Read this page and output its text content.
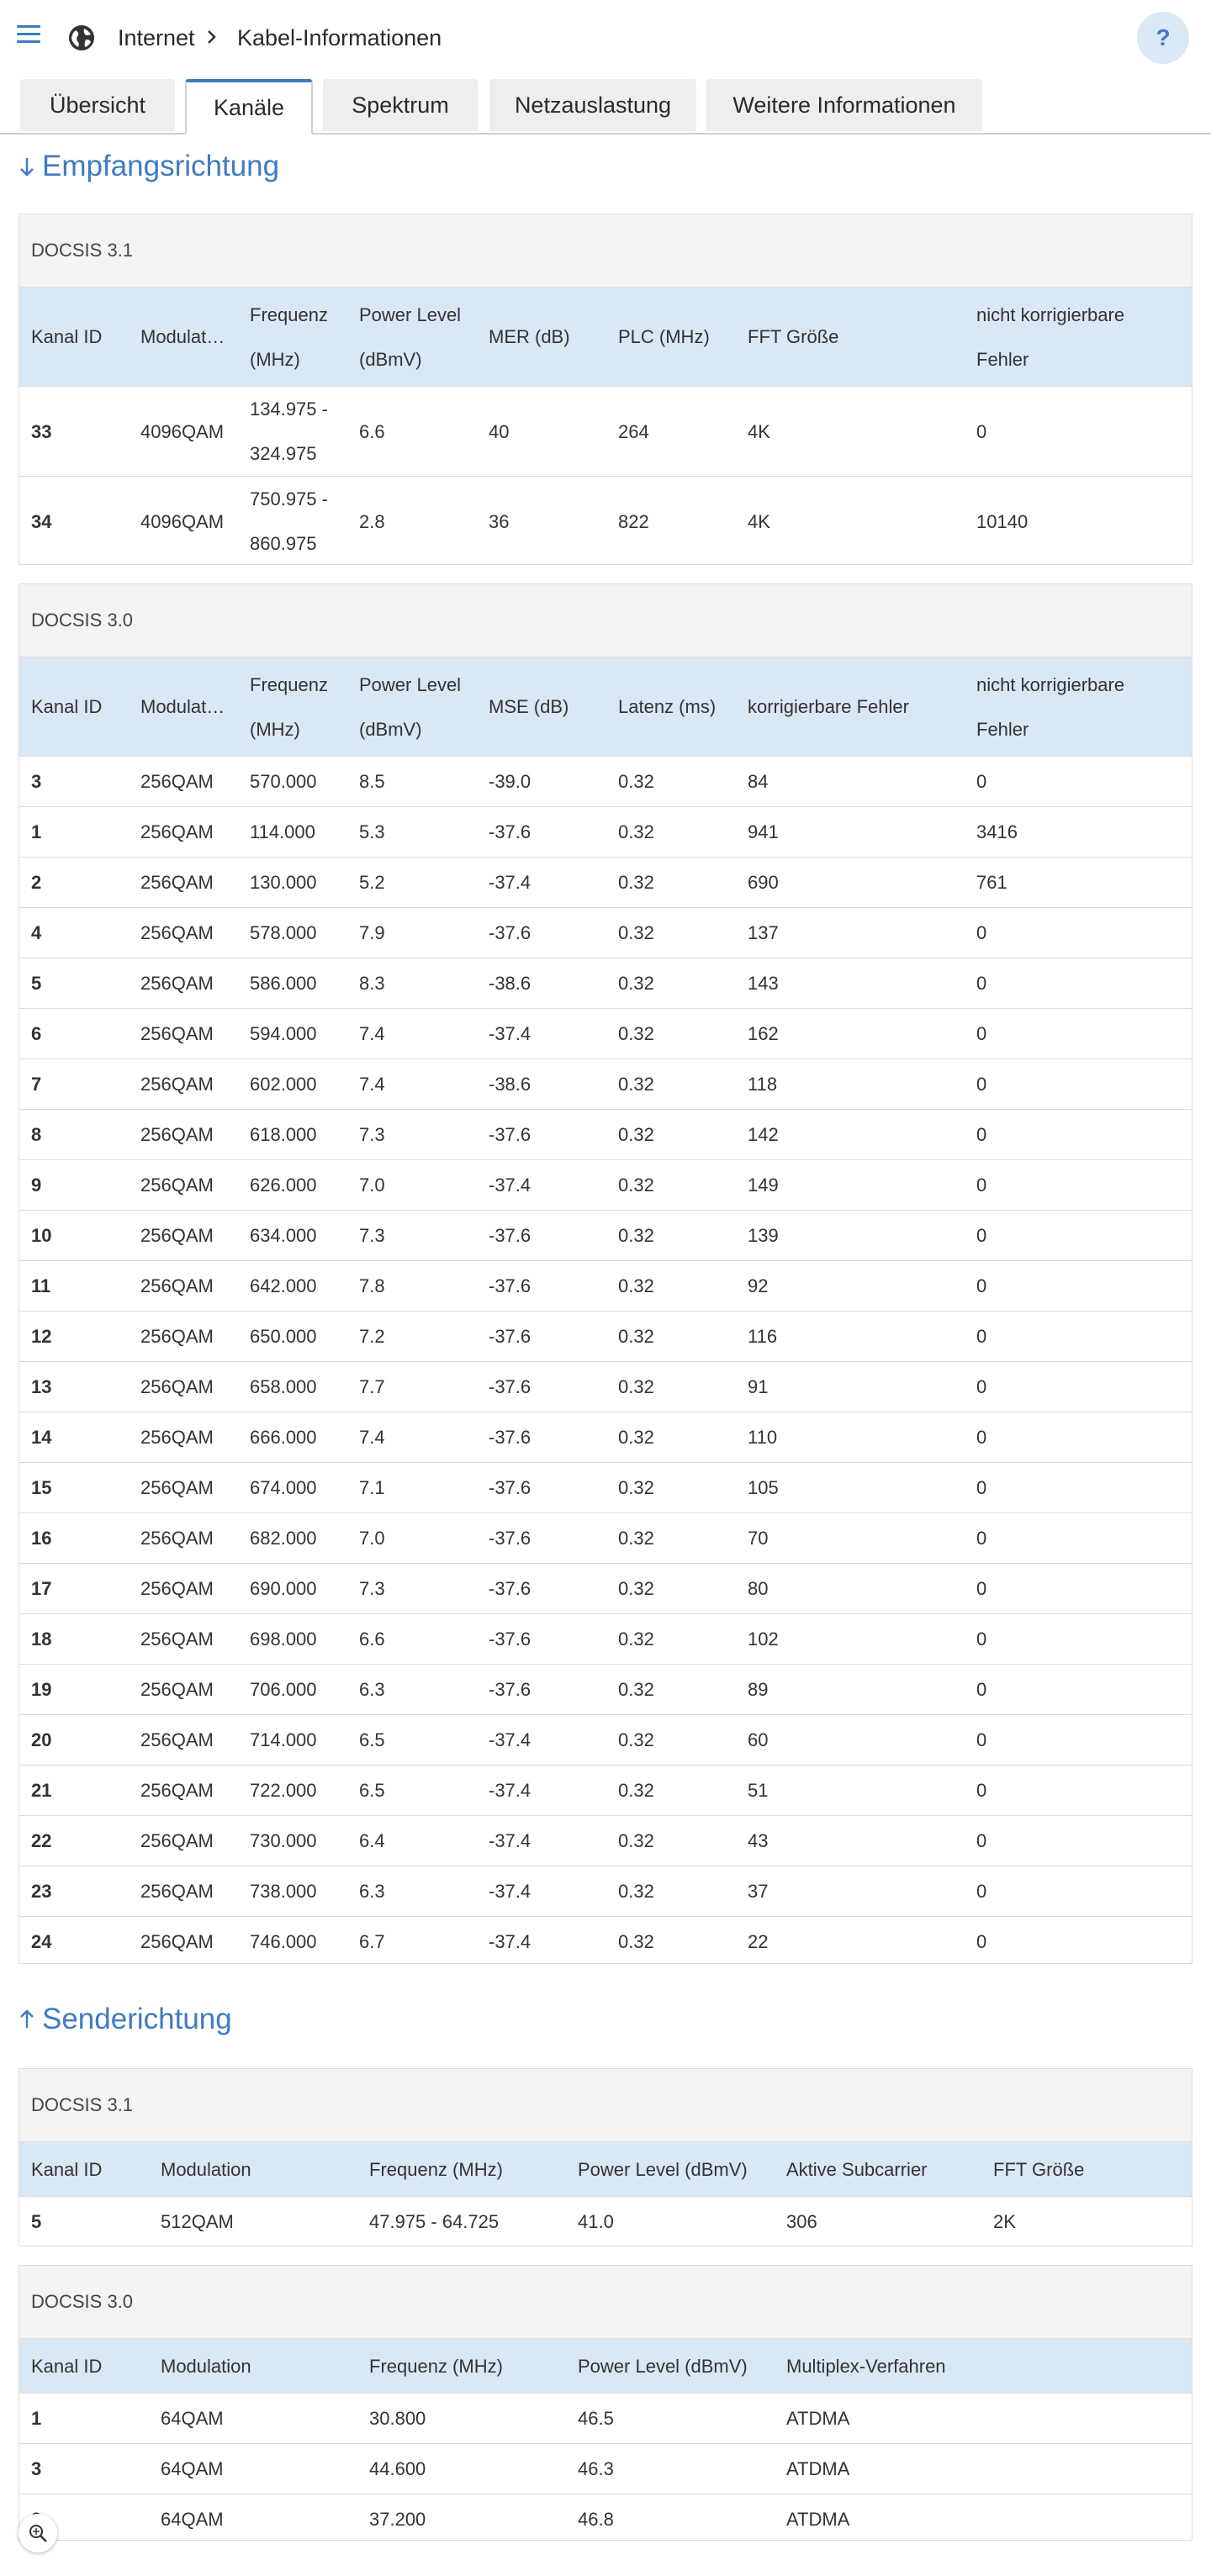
Internet Kabel-Informationen	?
Übersicht	Kanäle	Spektrum	Netzauslastung	Weitere Informationen
Empfangsrichtung
DOCSIS 3.1
Kanal ID	Modulation	Frequenz (MHz)	Power Level (dBmV)	MER (dB)	PLC (MHz)	FFT Größe	nicht korrigierbare Fehler
33	4096QAM	134.975 - 324.975	6.6	40	264	4K	0
34	4096QAM	750.975 - 860.975	2.8	36	822	4K	10140
DOCSIS 3.0
Kanal ID	Modulation	Frequenz (MHz)	Power Level (dBmV)	MSE (dB)	Latenz (ms)	korrigierbare Fehler	nicht korrigierbare Fehler
3	256QAM	570.000	8.5	-39.0	0.32	84	0
1	256QAM	114.000	5.3	-37.6	0.32	941	3416
2	256QAM	130.000	5.2	-37.4	0.32	690	761
4	256QAM	578.000	7.9	-37.6	0.32	137	0
5	256QAM	586.000	8.3	-38.6	0.32	143	0
6	256QAM	594.000	7.4	-37.4	0.32	162	0
7	256QAM	602.000	7.4	-38.6	0.32	118	0
8	256QAM	618.000	7.3	-37.6	0.32	142	0
9	256QAM	626.000	7.0	-37.4	0.32	149	0
10	256QAM	634.000	7.3	-37.6	0.32	139	0
11	256QAM	642.000	7.8	-37.6	0.32	92	0
12	256QAM	650.000	7.2	-37.6	0.32	116	0
13	256QAM	658.000	7.7	-37.6	0.32	91	0
14	256QAM	666.000	7.4	-37.6	0.32	110	0
15	256QAM	674.000	7.1	-37.6	0.32	105	0
16	256QAM	682.000	7.0	-37.6	0.32	70	0
17	256QAM	690.000	7.3	-37.6	0.32	80	0
18	256QAM	698.000	6.6	-37.6	0.32	102	0
19	256QAM	706.000	6.3	-37.6	0.32	89	0
20	256QAM	714.000	6.5	-37.4	0.32	60	0
21	256QAM	722.000	6.5	-37.4	0.32	51	0
22	256QAM	730.000	6.4	-37.4	0.32	43	0
23	256QAM	738.000	6.3	-37.4	0.32	37	0
24	256QAM	746.000	6.7	-37.4	0.32	22	0
Senderichtung
DOCSIS 3.1
Kanal ID	Modulation	Frequenz (MHz)	Power Level (dBmV)	Aktive Subcarrier	FFT Größe
5	512QAM	47.975 - 64.725	41.0	306	2K
DOCSIS 3.0
Kanal ID	Modulation	Frequenz (MHz)	Power Level (dBmV)	Multiplex-Verfahren	
1	64QAM	30.800	46.5	ATDMA	
3	64QAM	44.600	46.3	ATDMA	
	64QAM	37.200	46.8	ATDMA	
